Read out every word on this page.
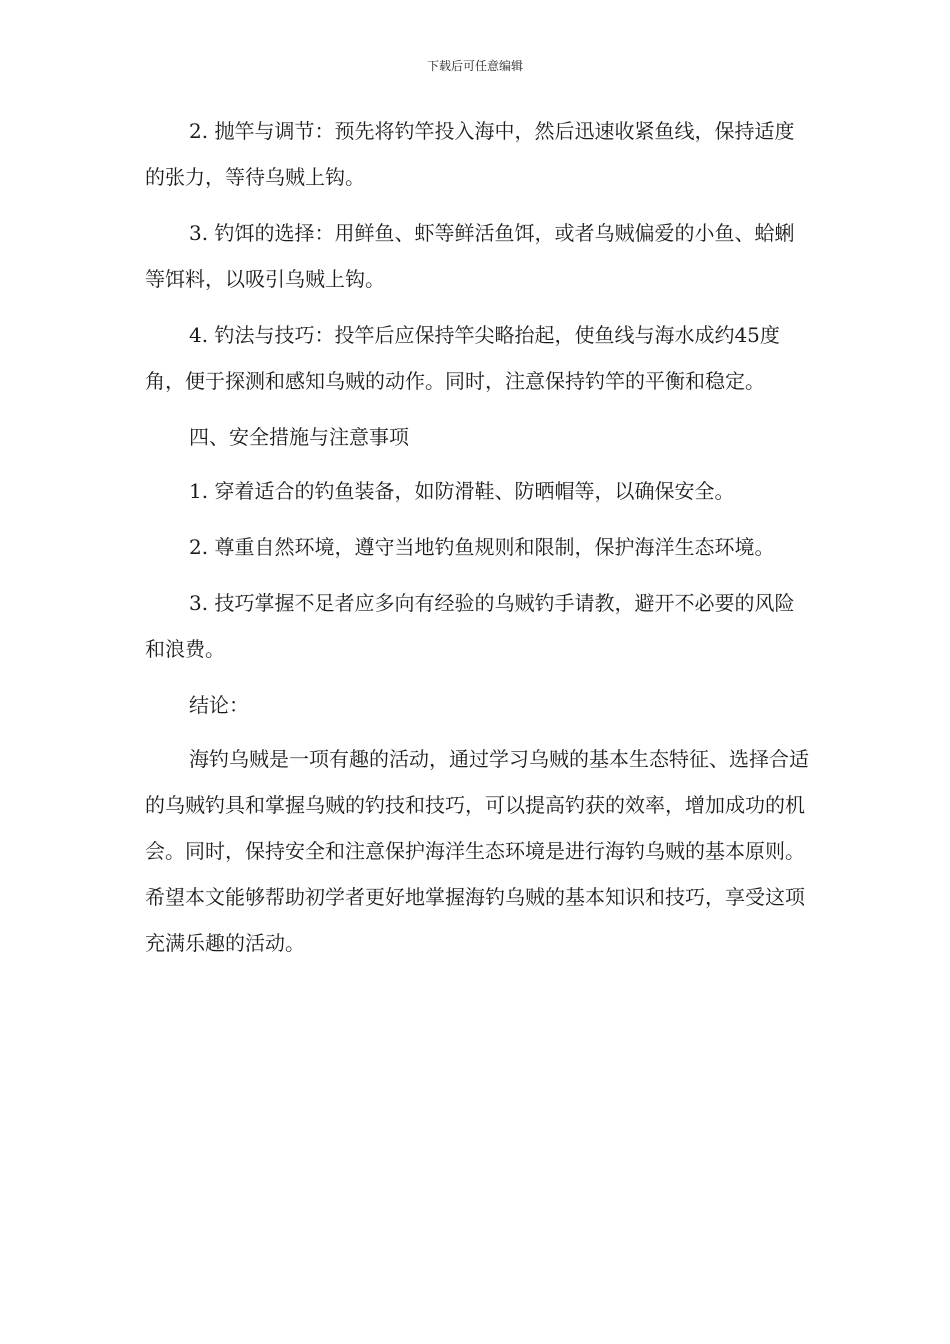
下载后可任意编辑

2. 抛竿与调节：预先将钓竿投入海中，然后迅速收紧鱼线，保持适度的张力，等待乌贼上钩。

3. 钓饵的选择：用鲜鱼、虾等鲜活鱼饵，或者乌贼偏爱的小鱼、蛤蜊等饵料，以吸引乌贼上钩。

4. 钓法与技巧：投竿后应保持竿尖略抬起，使鱼线与海水成约45度角，便于探测和感知乌贼的动作。同时，注意保持钓竿的平衡和稳定。

四、安全措施与注意事项

1. 穿着适合的钓鱼装备，如防滑鞋、防晒帽等，以确保安全。

2. 尊重自然环境，遵守当地钓鱼规则和限制，保护海洋生态环境。

3. 技巧掌握不足者应多向有经验的乌贼钓手请教，避开不必要的风险和浪费。

结论：

海钓乌贼是一项有趣的活动，通过学习乌贼的基本生态特征、选择合适的乌贼钓具和掌握乌贼的钓技和技巧，可以提高钓获的效率，增加成功的机会。同时，保持安全和注意保护海洋生态环境是进行海钓乌贼的基本原则。希望本文能够帮助初学者更好地掌握海钓乌贼的基本知识和技巧，享受这项充满乐趣的活动。
